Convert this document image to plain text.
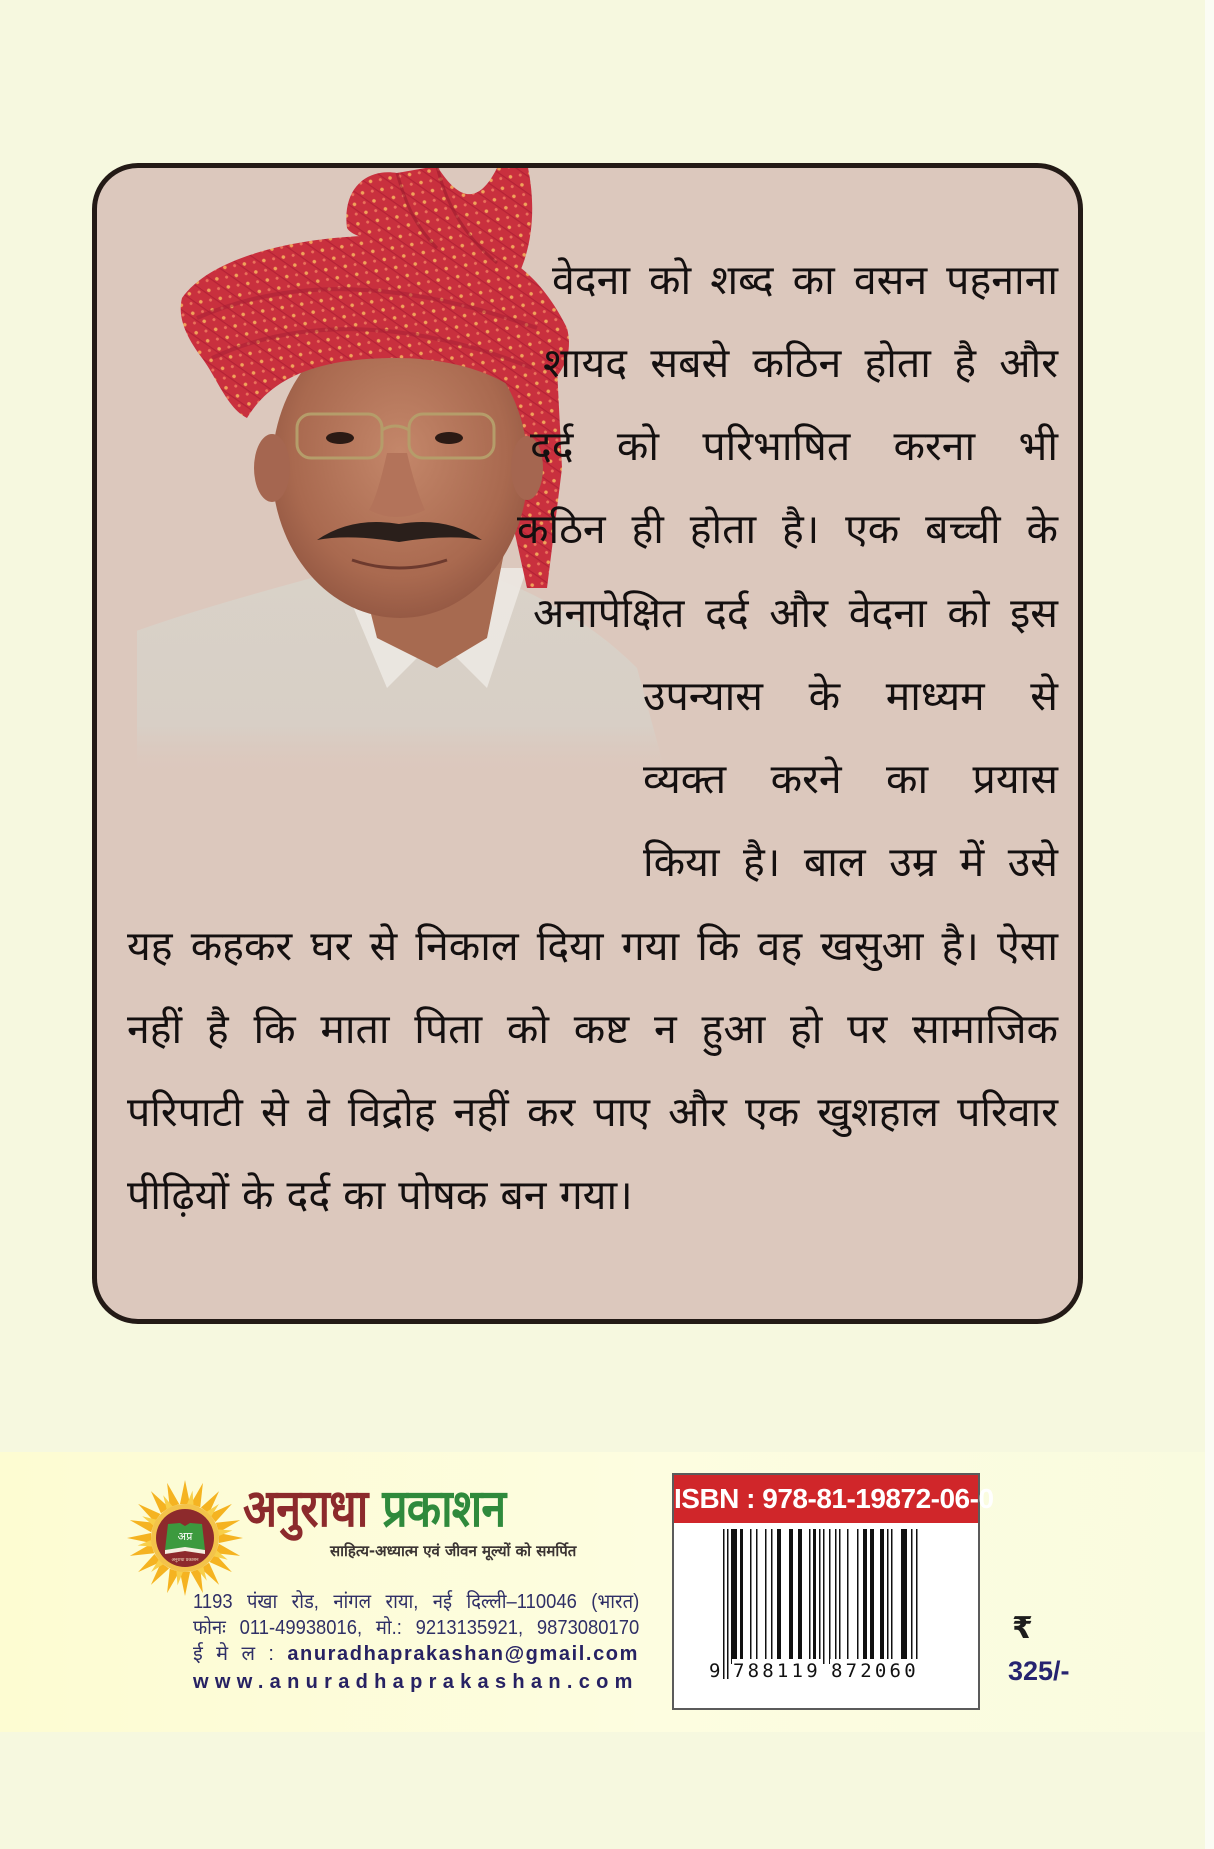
वेदना को शब्द का वसन पहनाना
शायद सबसे कठिन होता है और
दर्द को परिभाषित करना भी
कठिन ही होता है। एक बच्ची के
अनापेक्षित दर्द और वेदना को इस
उपन्यास के माध्यम से
व्यक्त करने का प्रयास
किया है। बाल उम्र में उसे
यह कहकर घर से निकाल दिया गया कि वह खसुआ है। ऐसा
नहीं है कि माता पिता को कष्ट न हुआ हो पर सामाजिक
परिपाटी से वे विद्रोह नहीं कर पाए और एक खुशहाल परिवार
पीढ़ियों के दर्द का पोषक बन गया।
अप्र
अनुराधा प्रकाशन
अनुराधा प्रकाशन
साहित्य-अध्यात्म एवं जीवन मूल्यों को समर्पित
1193 पंखा रोड, नांगल राया, नई दिल्ली–110046 (भारत)
फोनः 011-49938016, मो.: 9213135921, 9873080170
ई मे ल : anuradhaprakashan@gmail.com
www.anuradhaprakashan.com
ISBN : 978-81-19872-06-0
9 788119 872060
₹
325/-
